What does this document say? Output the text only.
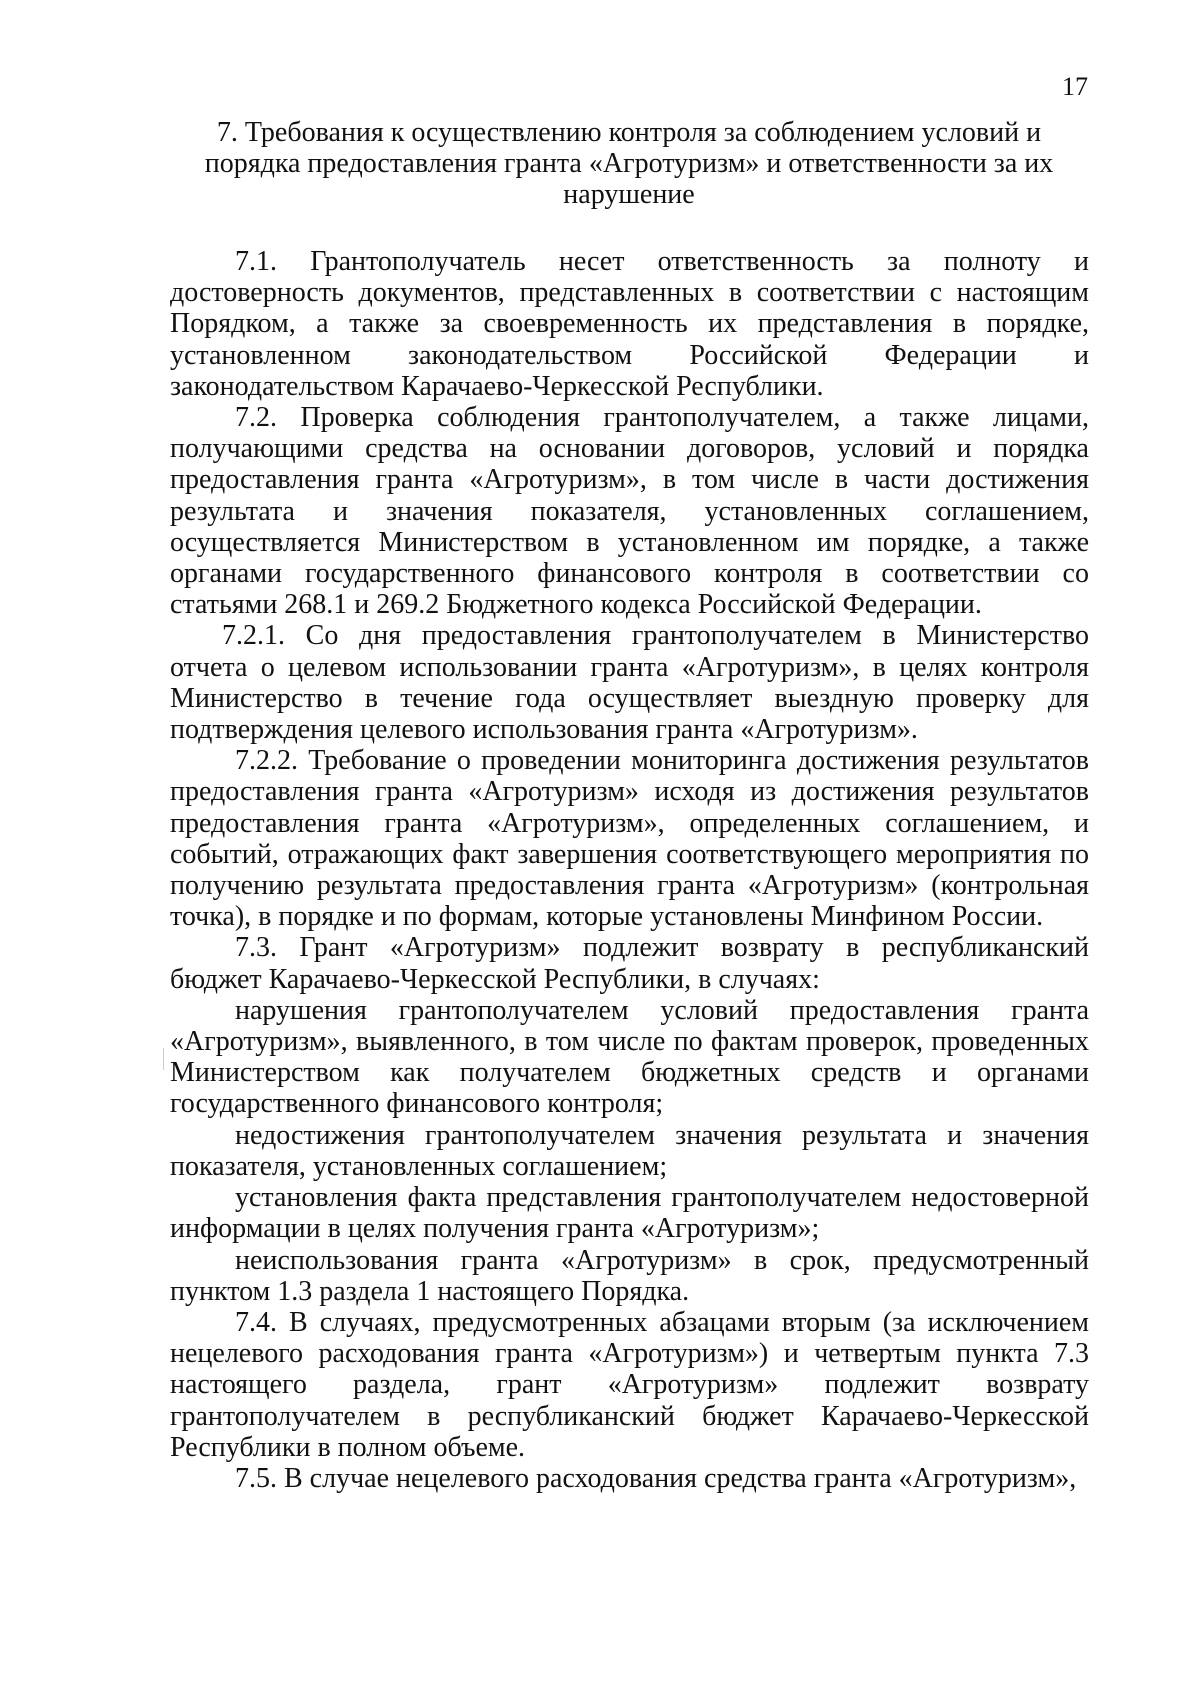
17
7. Требования к осуществлению контроля за соблюдением условий и порядка предоставления гранта «Агротуризм» и ответственности за их нарушение

7.1. Грантополучатель несет ответственность за полноту и достоверность документов, представленных в соответствии с настоящим Порядком, а также за своевременность их представления в порядке, установленном законодательством Российской Федерации и законодательством Карачаево-Черкесской Республики.

7.2. Проверка соблюдения грантополучателем, а также лицами, получающими средства на основании договоров, условий и порядка предоставления гранта «Агротуризм», в том числе в части достижения результата и значения показателя, установленных соглашением, осуществляется Министерством в установленном им порядке, а также органами государственного финансового контроля в соответствии со статьями 268.1 и 269.2 Бюджетного кодекса Российской Федерации.

7.2.1. Со дня предоставления грантополучателем в Министерство отчета о целевом использовании гранта «Агротуризм», в целях контроля Министерство в течение года осуществляет выездную проверку для подтверждения целевого использования гранта «Агротуризм».

7.2.2. Требование о проведении мониторинга достижения результатов предоставления гранта «Агротуризм» исходя из достижения результатов предоставления гранта «Агротуризм», определенных соглашением, и событий, отражающих факт завершения соответствующего мероприятия по получению результата предоставления гранта «Агротуризм» (контрольная точка), в порядке и по формам, которые установлены Минфином России.

7.3. Грант «Агротуризм» подлежит возврату в республиканский бюджет Карачаево-Черкесской Республики, в случаях:

нарушения грантополучателем условий предоставления гранта «Агротуризм», выявленного, в том числе по фактам проверок, проведенных Министерством как получателем бюджетных средств и органами государственного финансового контроля;

недостижения грантополучателем значения результата и значения показателя, установленных соглашением;

установления факта представления грантополучателем недостоверной информации в целях получения гранта «Агротуризм»;

неиспользования гранта «Агротуризм» в срок, предусмотренный пунктом 1.3 раздела 1 настоящего Порядка.

7.4. В случаях, предусмотренных абзацами вторым (за исключением нецелевого расходования гранта «Агротуризм») и четвертым пункта 7.3 настоящего раздела, грант «Агротуризм» подлежит возврату грантополучателем в республиканский бюджет Карачаево-Черкесской Республики в полном объеме.

7.5. В случае нецелевого расходования средства гранта «Агротуризм»,
